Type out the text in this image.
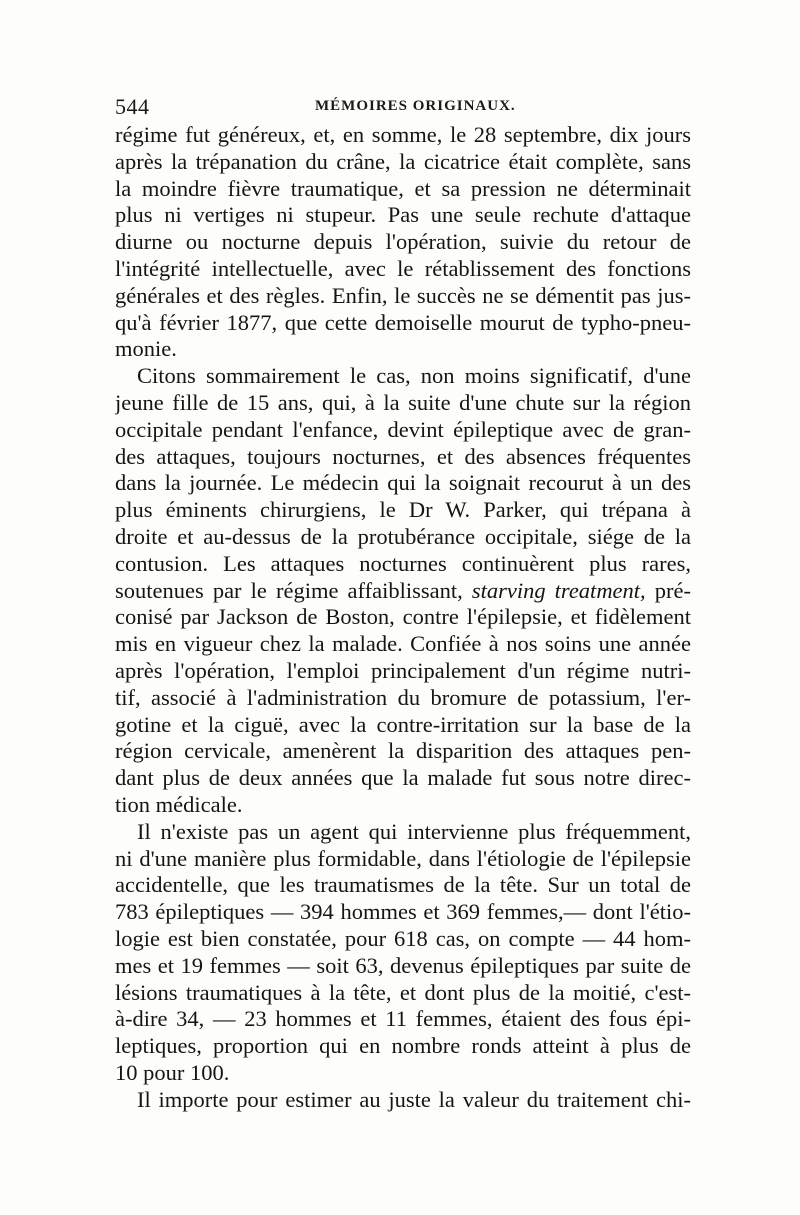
544	MÉMOIRES ORIGINAUX.
régime fut généreux, et, en somme, le 28 septembre, dix jours
après la trépanation du crâne, la cicatrice était complète, sans
la moindre fièvre traumatique, et sa pression ne déterminait
plus ni vertiges ni stupeur. Pas une seule rechute d'attaque
diurne ou nocturne depuis l'opération, suivie du retour de
l'intégrité intellectuelle, avec le rétablissement des fonctions
générales et des règles. Enfin, le succès ne se démentit pas jus-
qu'à février 1877, que cette demoiselle mourut de typho-pneu-
monie.
Citons sommairement le cas, non moins significatif, d'une
jeune fille de 15 ans, qui, à la suite d'une chute sur la région
occipitale pendant l'enfance, devint épileptique avec de gran-
des attaques, toujours nocturnes, et des absences fréquentes
dans la journée. Le médecin qui la soignait recourut à un des
plus éminents chirurgiens, le Dr W. Parker, qui trépana à
droite et au-dessus de la protubérance occipitale, siége de la
contusion. Les attaques nocturnes continuèrent plus rares,
soutenues par le régime affaiblissant, starving treatment, pré-
conisé par Jackson de Boston, contre l'épilepsie, et fidèlement
mis en vigueur chez la malade. Confiée à nos soins une année
après l'opération, l'emploi principalement d'un régime nutri-
tif, associé à l'administration du bromure de potassium, l'er-
gotine et la ciguë, avec la contre-irritation sur la base de la
région cervicale, amenèrent la disparition des attaques pen-
dant plus de deux années que la malade fut sous notre direc-
tion médicale.
Il n'existe pas un agent qui intervienne plus fréquemment,
ni d'une manière plus formidable, dans l'étiologie de l'épilepsie
accidentelle, que les traumatismes de la tête. Sur un total de
783 épileptiques — 394 hommes et 369 femmes,— dont l'étio-
logie est bien constatée, pour 618 cas, on compte — 44 hom-
mes et 19 femmes — soit 63, devenus épileptiques par suite de
lésions traumatiques à la tête, et dont plus de la moitié, c'est-
à-dire 34, — 23 hommes et 11 femmes, étaient des fous épi-
leptiques, proportion qui en nombre ronds atteint à plus de
10 pour 100.
Il importe pour estimer au juste la valeur du traitement chi-
